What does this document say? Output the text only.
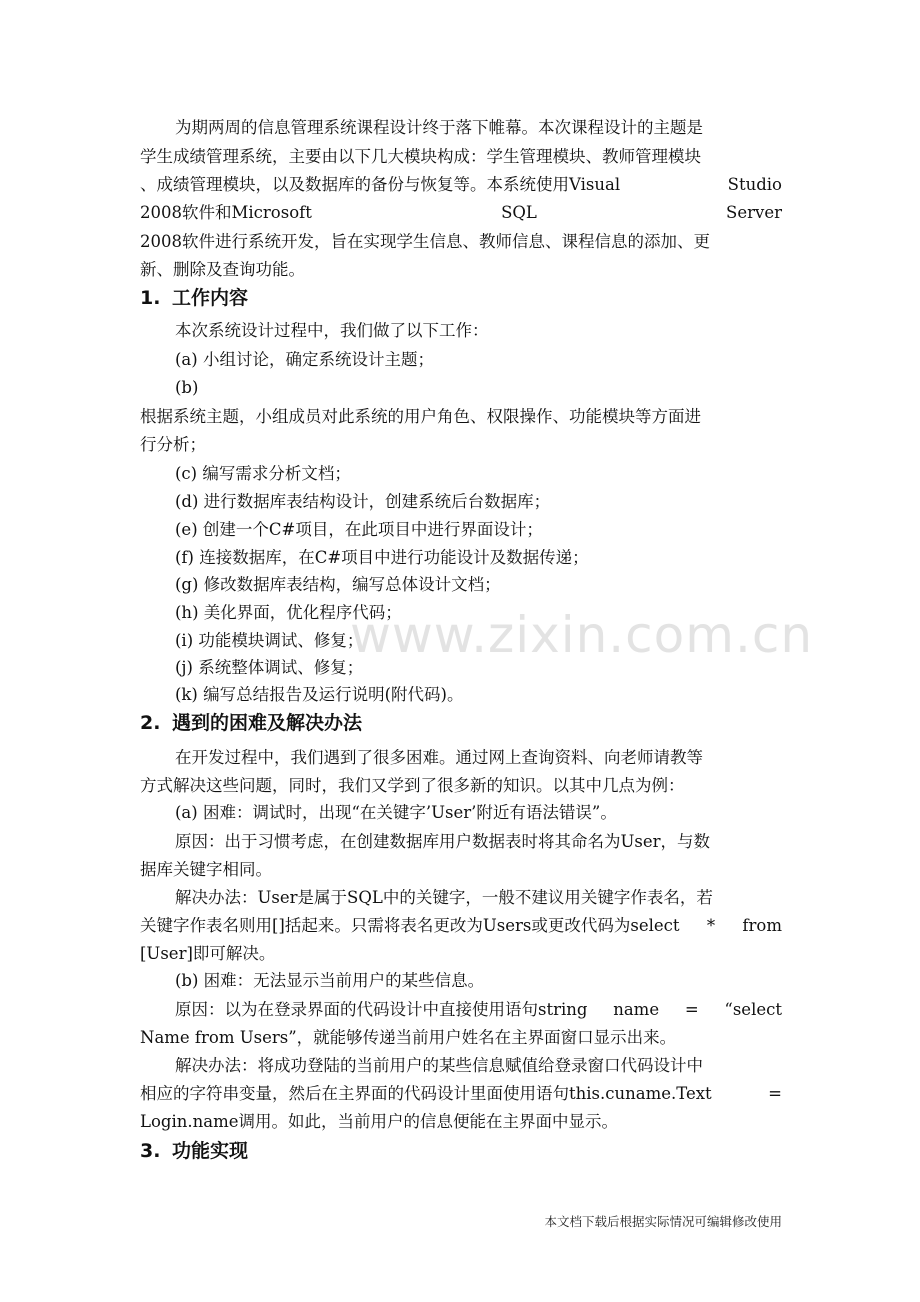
www.zixin.com.cn
为期两周的信息管理系统课程设计终于落下帷幕。本次课程设计的主题是
学生成绩管理系统，主要由以下几大模块构成：学生管理模块、教师管理模块
、成绩管理模块，以及数据库的备份与恢复等。本系统使用Visual	Studio
2008软件和Microsoft	SQL	Server
2008软件进行系统开发，旨在实现学生信息、教师信息、课程信息的添加、更
新、删除及查询功能。
1. 工作内容
本次系统设计过程中，我们做了以下工作：
(a) 小组讨论，确定系统设计主题；
(b)
根据系统主题，小组成员对此系统的用户角色、权限操作、功能模块等方面进
行分析；
(c) 编写需求分析文档；
(d) 进行数据库表结构设计，创建系统后台数据库；
(e) 创建一个C#项目，在此项目中进行界面设计；
(f) 连接数据库，在C#项目中进行功能设计及数据传递；
(g) 修改数据库表结构，编写总体设计文档；
(h) 美化界面，优化程序代码；
(i) 功能模块调试、修复；
(j) 系统整体调试、修复；
(k) 编写总结报告及运行说明(附代码)。
2. 遇到的困难及解决办法
在开发过程中，我们遇到了很多困难。通过网上查询资料、向老师请教等
方式解决这些问题，同时，我们又学到了很多新的知识。以其中几点为例：
(a) 困难：调试时，出现“在关键字’User’附近有语法错误”。
原因：出于习惯考虑，在创建数据库用户数据表时将其命名为User，与数
据库关键字相同。
解决办法：User是属于SQL中的关键字，一般不建议用关键字作表名，若
关键字作表名则用[]括起来。只需将表名更改为Users或更改代码为select * from
[User]即可解决。
(b) 困难：无法显示当前用户的某些信息。
原因：以为在登录界面的代码设计中直接使用语句string name = “select
Name from Users”，就能够传递当前用户姓名在主界面窗口显示出来。
解决办法：将成功登陆的当前用户的某些信息赋值给登录窗口代码设计中
相应的字符串变量，然后在主界面的代码设计里面使用语句this.cuname.Text	=
Login.name调用。如此，当前用户的信息便能在主界面中显示。
3. 功能实现
本文档下载后根据实际情况可编辑修改使用
